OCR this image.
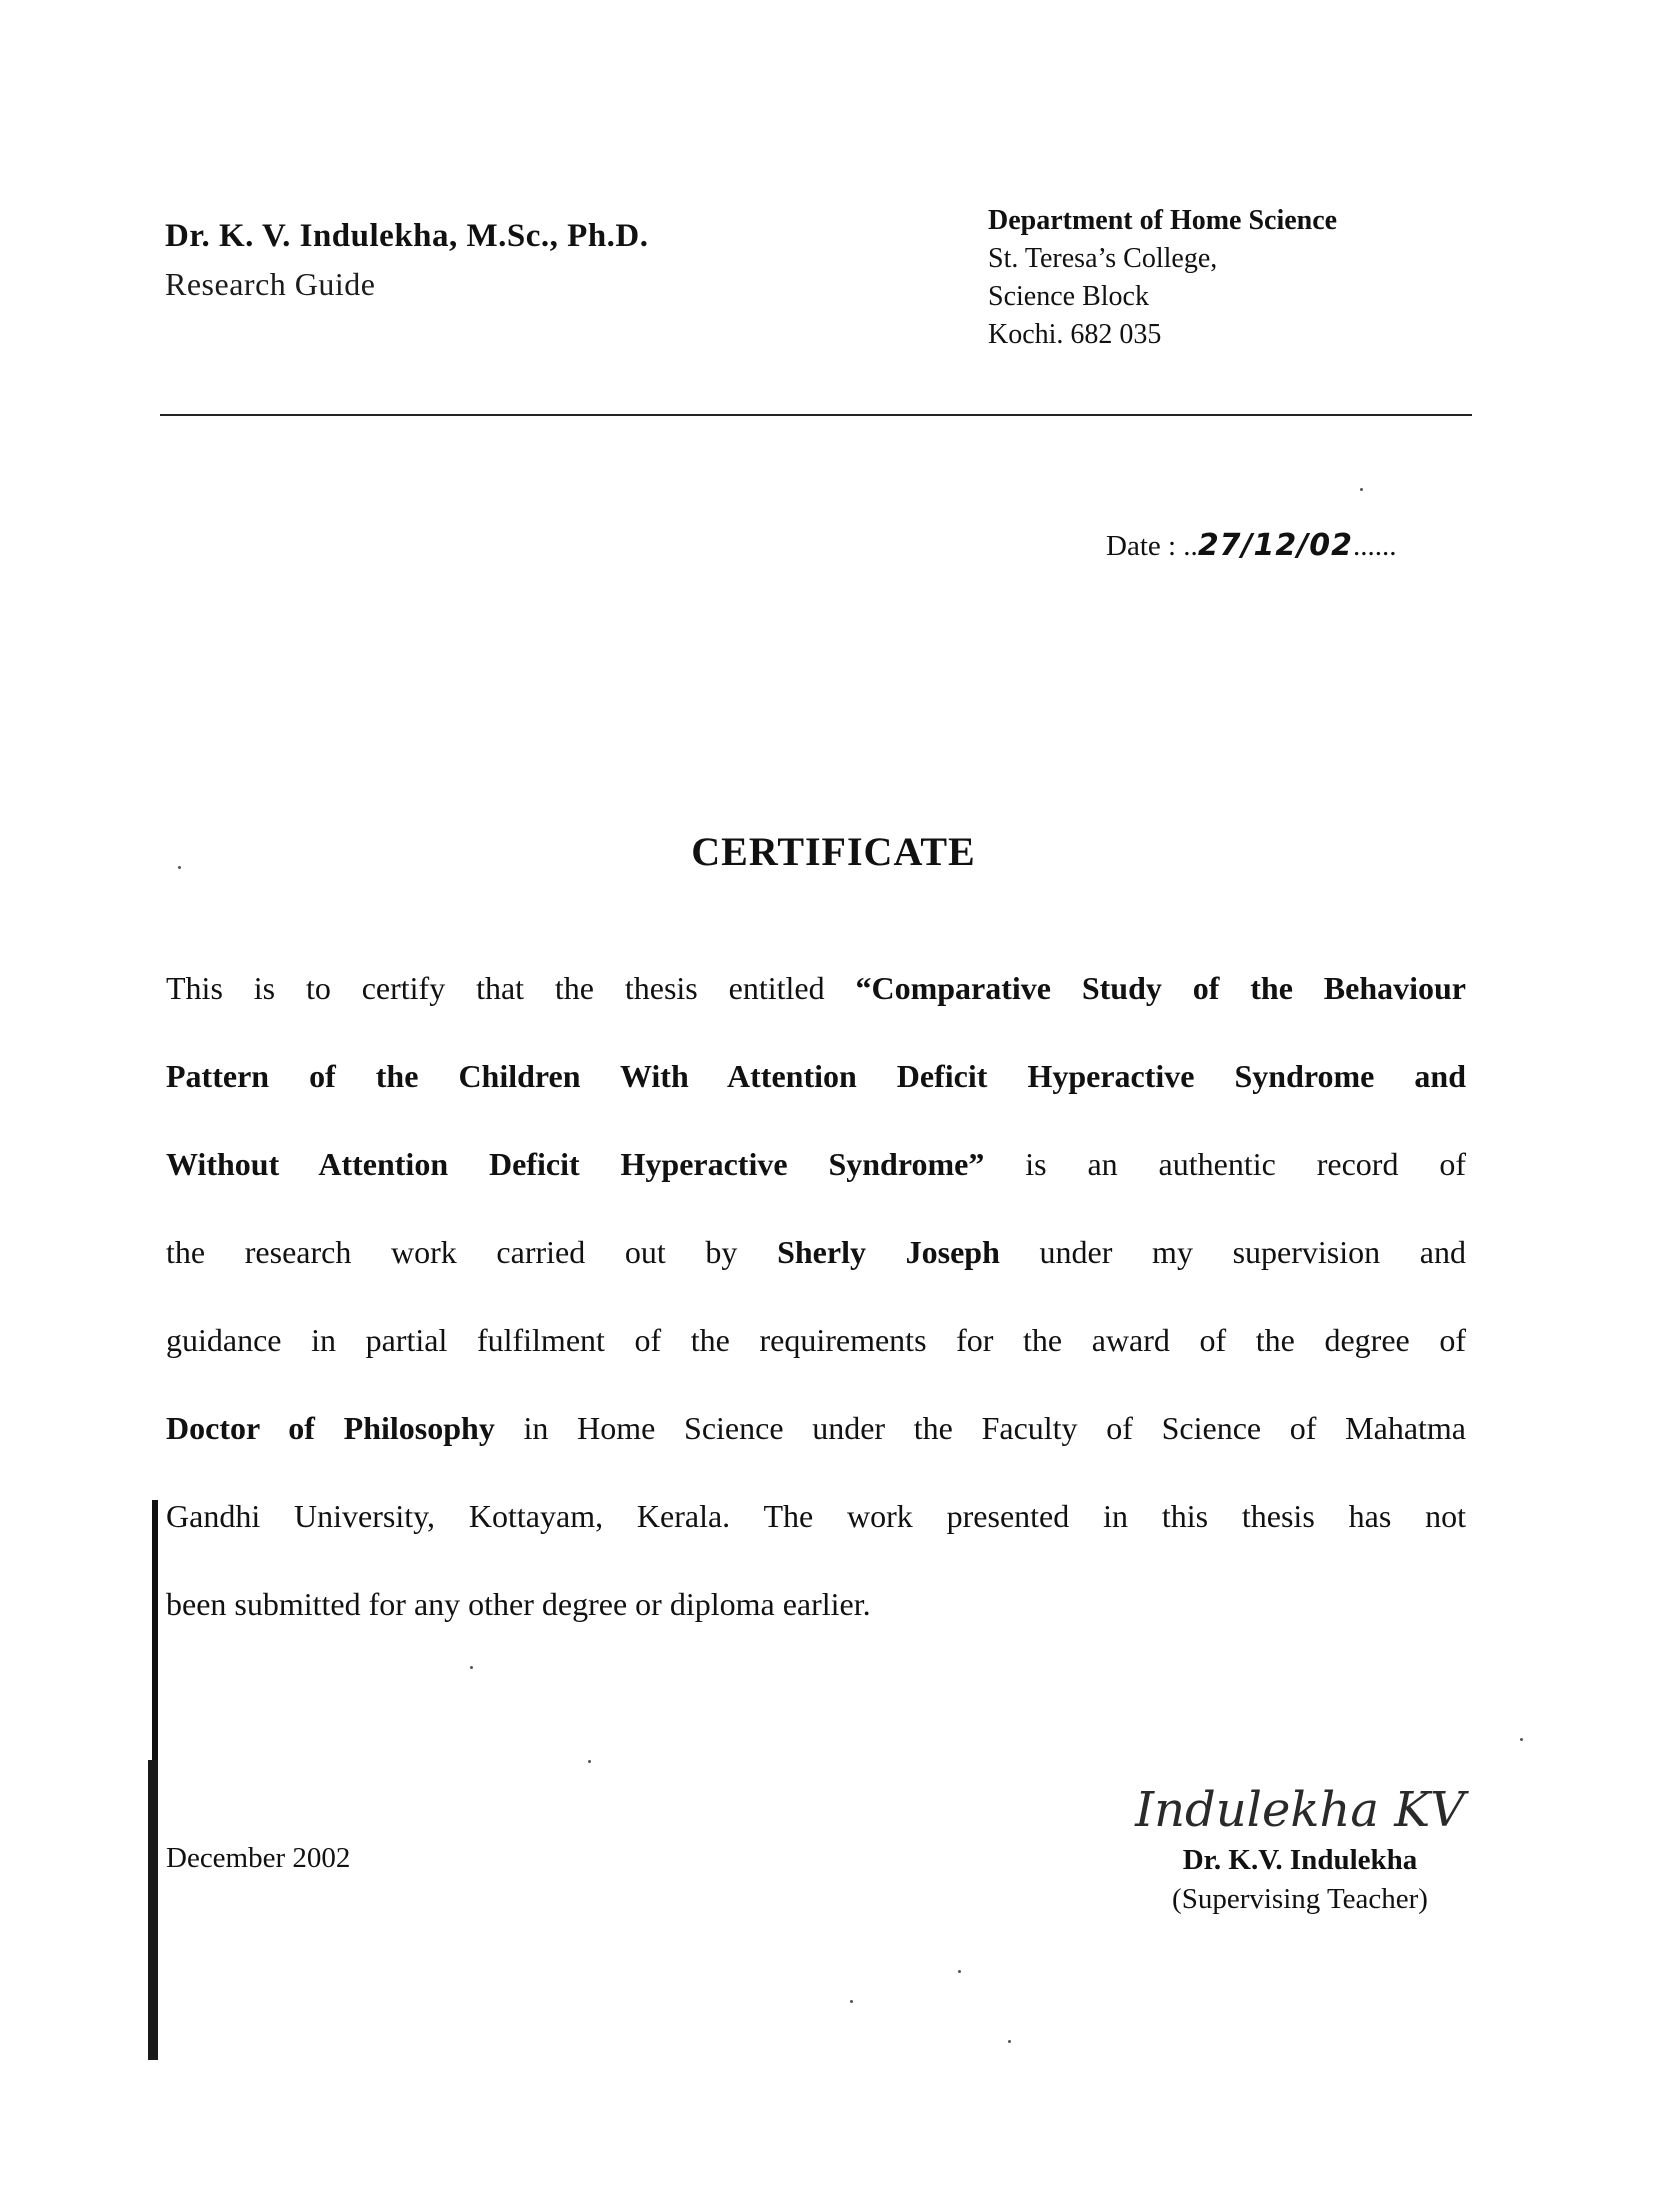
Dr. K. V. Indulekha, M.Sc., Ph.D.
Research Guide
Department of Home Science
St. Teresa’s College,
Science Block
Kochi. 682 035
Date : ..27/12/02......
CERTIFICATE
This is to certify that the thesis entitled “Comparative Study of the Behaviour
Pattern of the Children With Attention Deficit Hyperactive Syndrome and
Without Attention Deficit Hyperactive Syndrome” is an authentic record of
the research work carried out by Sherly Joseph under my supervision and
guidance in partial fulfilment of the requirements for the award of the degree of
Doctor of Philosophy in Home Science under the Faculty of Science of Mahatma
Gandhi University, Kottayam, Kerala. The work presented in this thesis has not
been submitted for any other degree or diploma earlier.
December 2002
Indulekha KV
Dr. K.V. Indulekha
(Supervising Teacher)
